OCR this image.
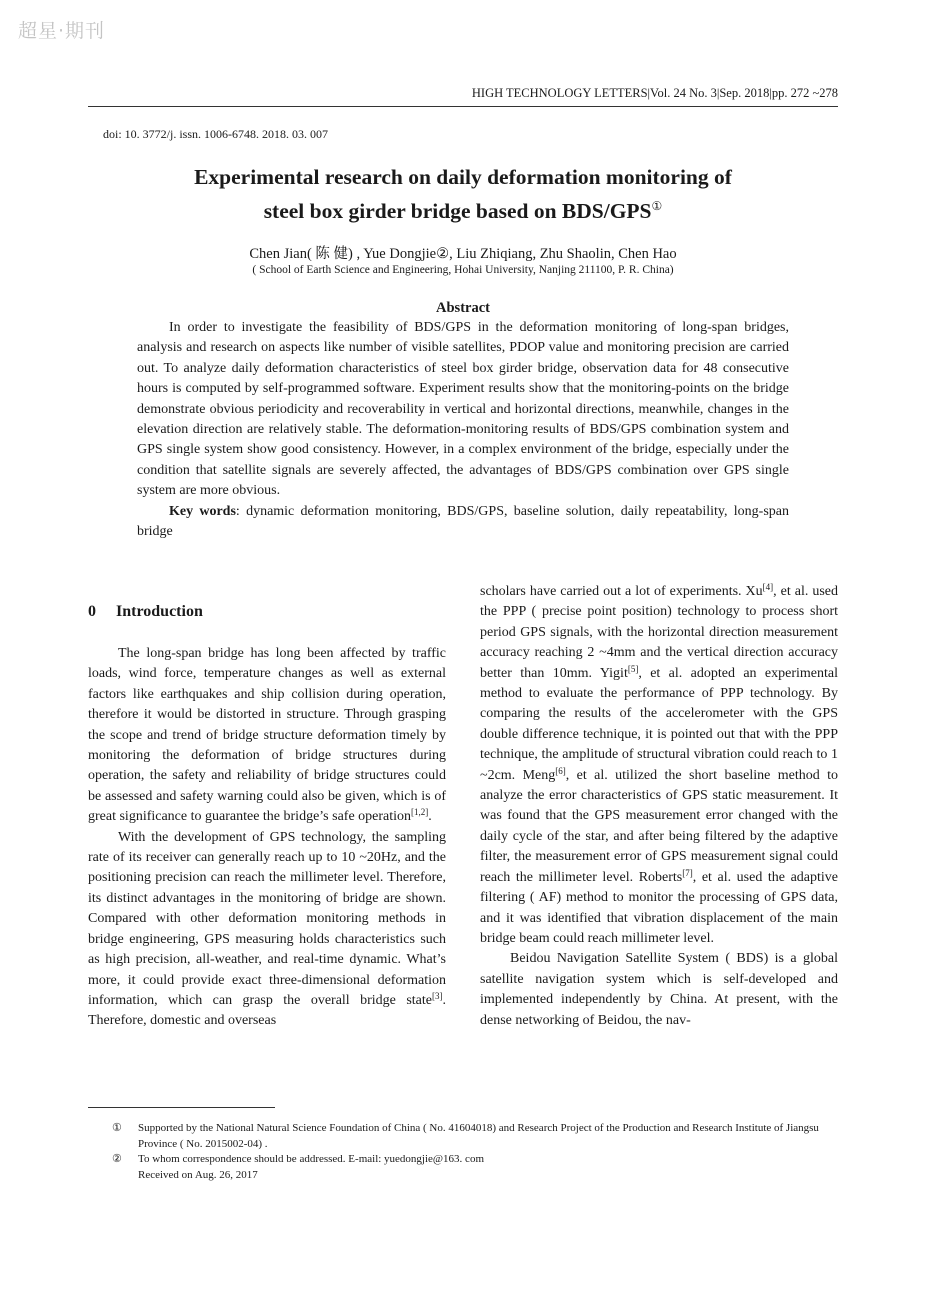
超星·期刊
HIGH TECHNOLOGY LETTERS|Vol. 24 No. 3|Sep. 2018|pp. 272 ~278
doi: 10. 3772/j. issn. 1006-6748. 2018. 03. 007
Experimental research on daily deformation monitoring of
steel box girder bridge based on BDS/GPS①
Chen Jian( 陈 健) , Yue Dongjie②, Liu Zhiqiang, Zhu Shaolin, Chen Hao
( School of Earth Science and Engineering, Hohai University, Nanjing 211100, P. R. China)
Abstract

In order to investigate the feasibility of BDS/GPS in the deformation monitoring of long-span bridges, analysis and research on aspects like number of visible satellites, PDOP value and monitoring precision are carried out. To analyze daily deformation characteristics of steel box girder bridge, observation data for 48 consecutive hours is computed by self-programmed software. Experiment results show that the monitoring-points on the bridge demonstrate obvious periodicity and recoverability in vertical and horizontal directions, meanwhile, changes in the elevation direction are relatively stable. The deformation-monitoring results of BDS/GPS combination system and GPS single system show good consistency. However, in a complex environment of the bridge, especially under the condition that satellite signals are severely affected, the advantages of BDS/GPS combination over GPS single system are more obvious.

Key words: dynamic deformation monitoring, BDS/GPS, baseline solution, daily repeatability, long-span bridge

0 Introduction

The long-span bridge has long been affected by traffic loads, wind force, temperature changes as well as external factors like earthquakes and ship collision during operation, therefore it would be distorted in structure. Through grasping the scope and trend of bridge structure deformation timely by monitoring the deformation of bridge structures during operation, the safety and reliability of bridge structures could be assessed and safety warning could also be given, which is of great significance to guarantee the bridge’s safe operation[1,2].

With the development of GPS technology, the sampling rate of its receiver can generally reach up to 10 ~20Hz, and the positioning precision can reach the millimeter level. Therefore, its distinct advantages in the monitoring of bridge are shown. Compared with other deformation monitoring methods in bridge engineering, GPS measuring holds characteristics such as high precision, all-weather, and real-time dynamic. What’s more, it could provide exact three-dimensional deformation information, which can grasp the overall bridge state[3]. Therefore, domestic and overseas

scholars have carried out a lot of experiments. Xu[4], et al. used the PPP ( precise point position) technology to process short period GPS signals, with the horizontal direction measurement accuracy reaching 2 ~4mm and the vertical direction accuracy better than 10mm. Yigit[5], et al. adopted an experimental method to evaluate the performance of PPP technology. By comparing the results of the accelerometer with the GPS double difference technique, it is pointed out that with the PPP technique, the amplitude of structural vibration could reach to 1 ~2cm. Meng[6], et al. utilized the short baseline method to analyze the error characteristics of GPS static measurement. It was found that the GPS measurement error changed with the daily cycle of the star, and after being filtered by the adaptive filter, the measurement error of GPS measurement signal could reach the millimeter level. Roberts[7], et al. used the adaptive filtering ( AF) method to monitor the processing of GPS data, and it was identified that vibration displacement of the main bridge beam could reach millimeter level.

Beidou Navigation Satellite System ( BDS) is a global satellite navigation system which is self-developed and implemented independently by China. At present, with the dense networking of Beidou, the nav-

①	Supported by the National Natural Science Foundation of China ( No. 41604018) and Research Project of the Production and Research Institute of Jiangsu Province ( No. 2015002-04) .
②	To whom correspondence should be addressed. E-mail: yuedongjie@163. com
Received on Aug. 26, 2017
